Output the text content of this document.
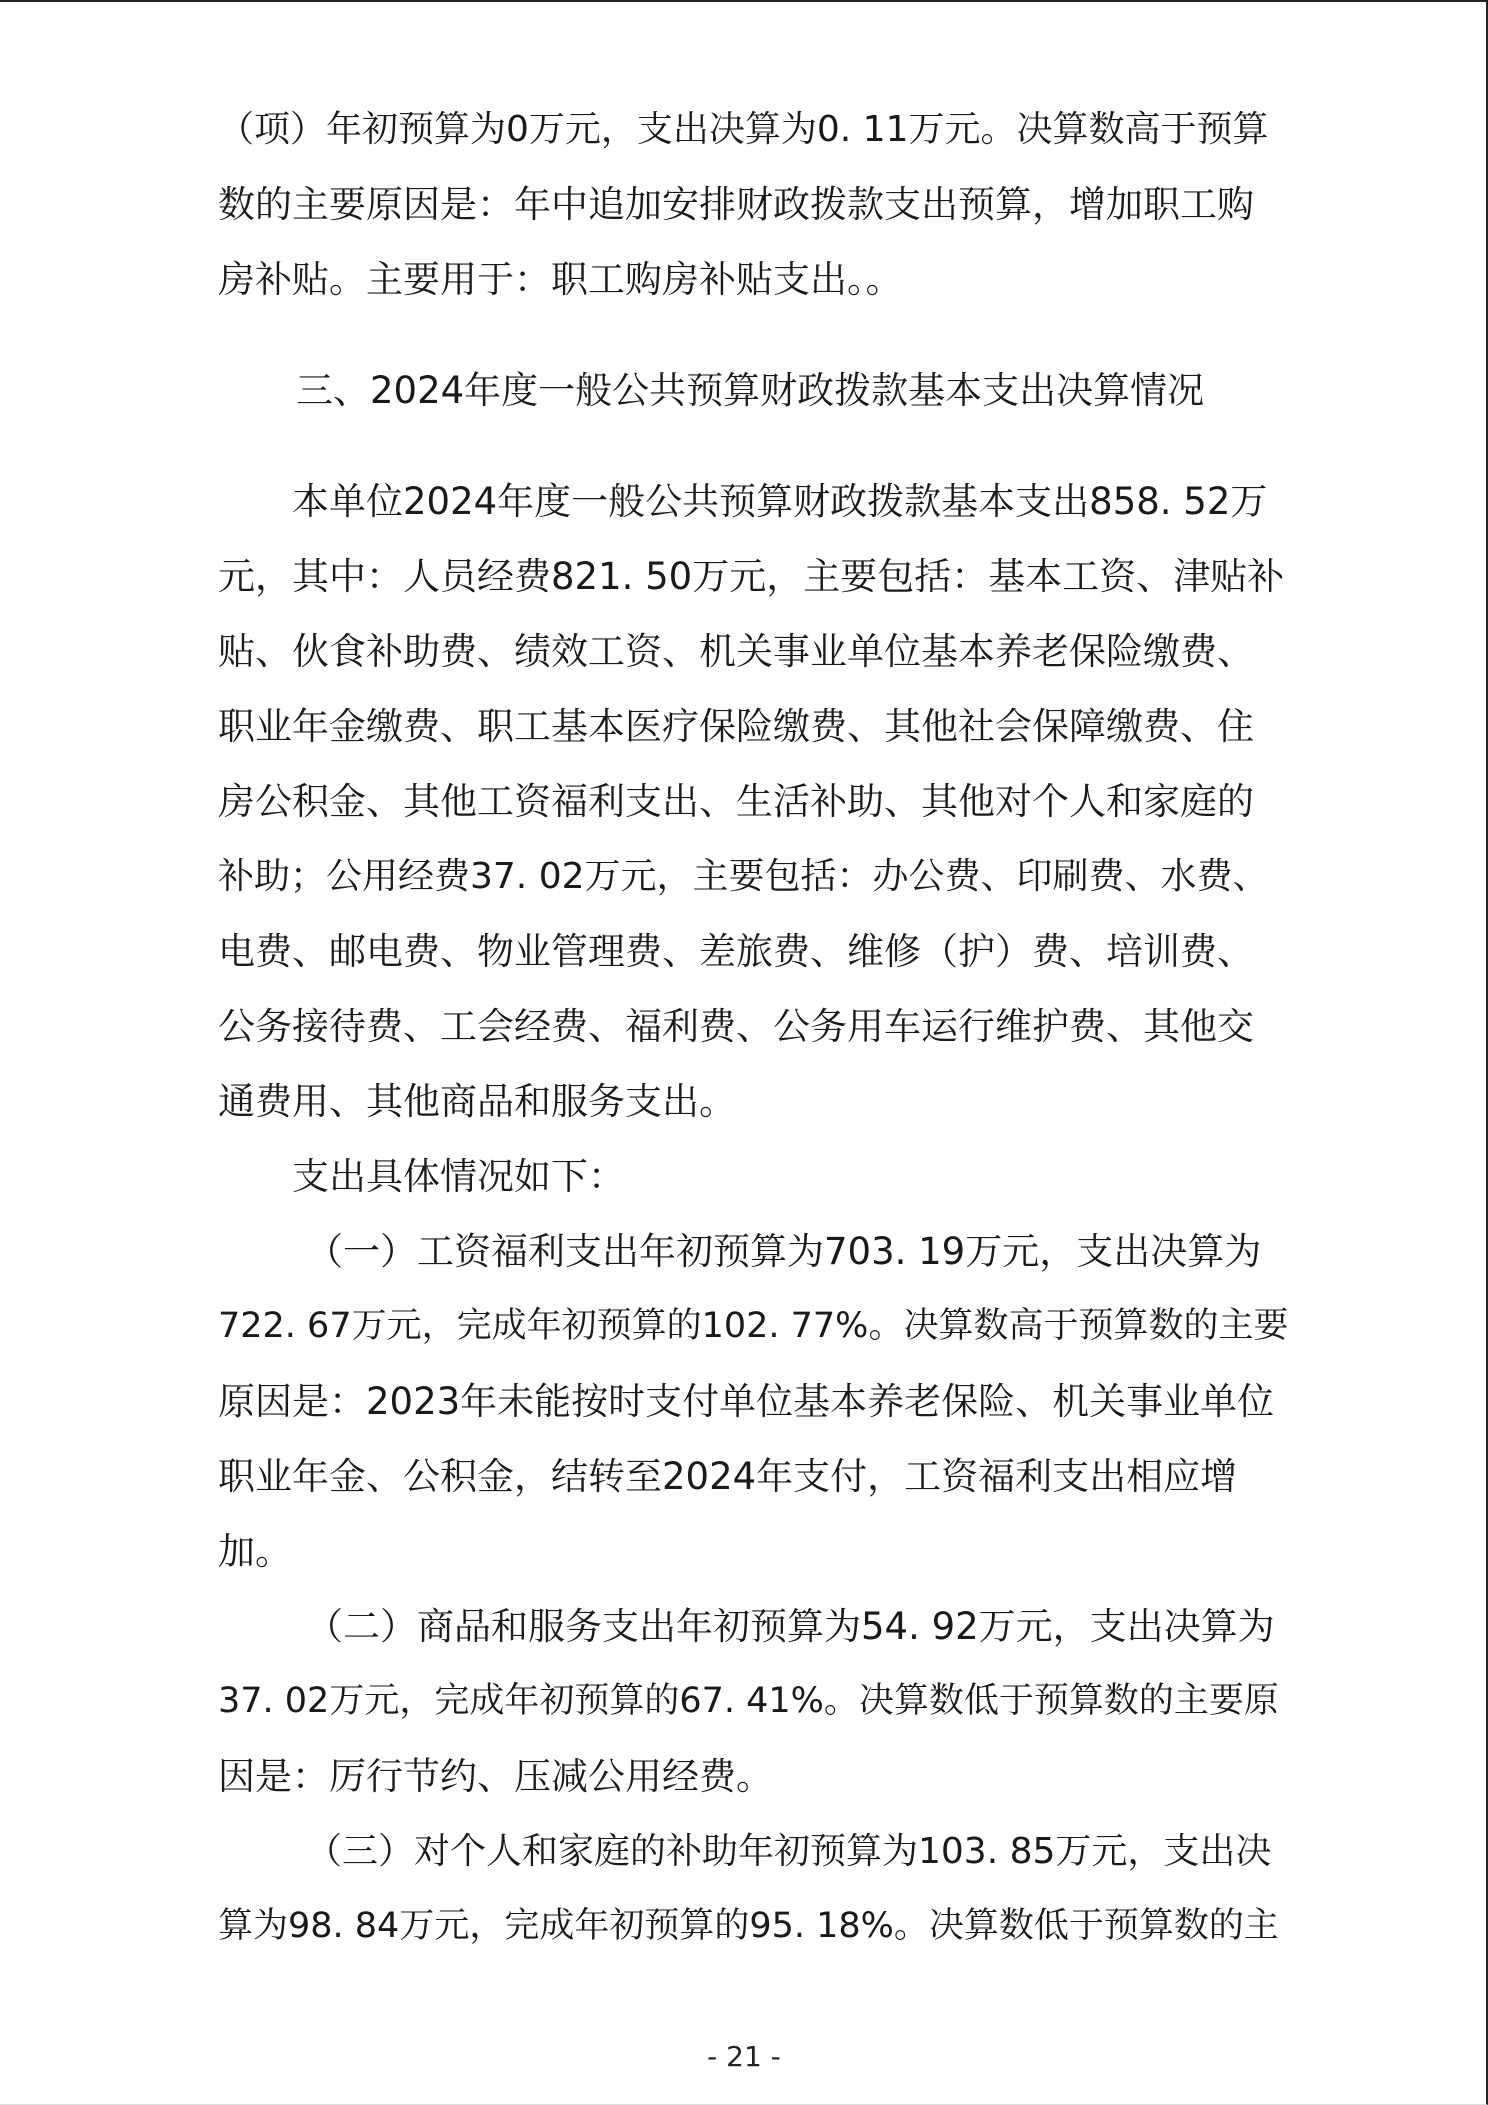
（项）年初预算为0万元，支出决算为0. 11万元。决算数高于预算
数的主要原因是：年中追加安排财政拨款支出预算，增加职工购
房补贴。主要用于：职工购房补贴支出。。
三、2024年度一般公共预算财政拨款基本支出决算情况
本单位2024年度一般公共预算财政拨款基本支出858. 52万
元，其中：人员经费821. 50万元，主要包括：基本工资、津贴补
贴、伙食补助费、绩效工资、机关事业单位基本养老保险缴费、
职业年金缴费、职工基本医疗保险缴费、其他社会保障缴费、住
房公积金、其他工资福利支出、生活补助、其他对个人和家庭的
补助；公用经费37. 02万元，主要包括：办公费、印刷费、水费、
电费、邮电费、物业管理费、差旅费、维修（护）费、培训费、
公务接待费、工会经费、福利费、公务用车运行维护费、其他交
通费用、其他商品和服务支出。
支出具体情况如下：
（一）工资福利支出年初预算为703. 19万元，支出决算为
722. 67万元，完成年初预算的102. 77%。决算数高于预算数的主要
原因是：2023年未能按时支付单位基本养老保险、机关事业单位
职业年金、公积金，结转至2024年支付，工资福利支出相应增
加。
（二）商品和服务支出年初预算为54. 92万元，支出决算为
37. 02万元，完成年初预算的67. 41%。决算数低于预算数的主要原
因是：厉行节约、压减公用经费。
（三）对个人和家庭的补助年初预算为103. 85万元，支出决
算为98. 84万元，完成年初预算的95. 18%。决算数低于预算数的主
- 21 -
